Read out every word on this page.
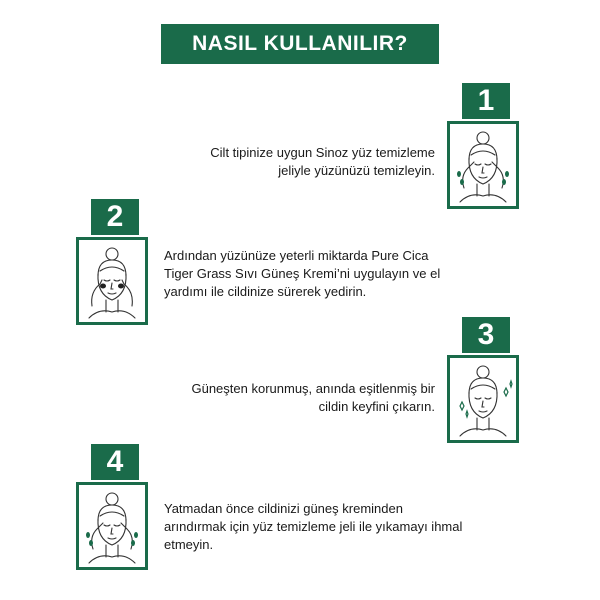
NASIL KULLANILIR?
1
Cilt tipinize uygun Sinoz yüz temizleme jeliyle yüzünüzü temizleyin.
2
Ardından yüzünüze yeterli miktarda Pure Cica Tiger Grass Sıvı Güneş Kremi’ni uygulayın ve el yardımı ile cildinize sürerek yedirin.
3
Güneşten korunmuş, anında eşitlenmiş bir cildin keyfini çıkarın.
4
Yatmadan önce cildinizi güneş kreminden arındırmak için yüz temizleme jeli ile yıkamayı ihmal etmeyin.
